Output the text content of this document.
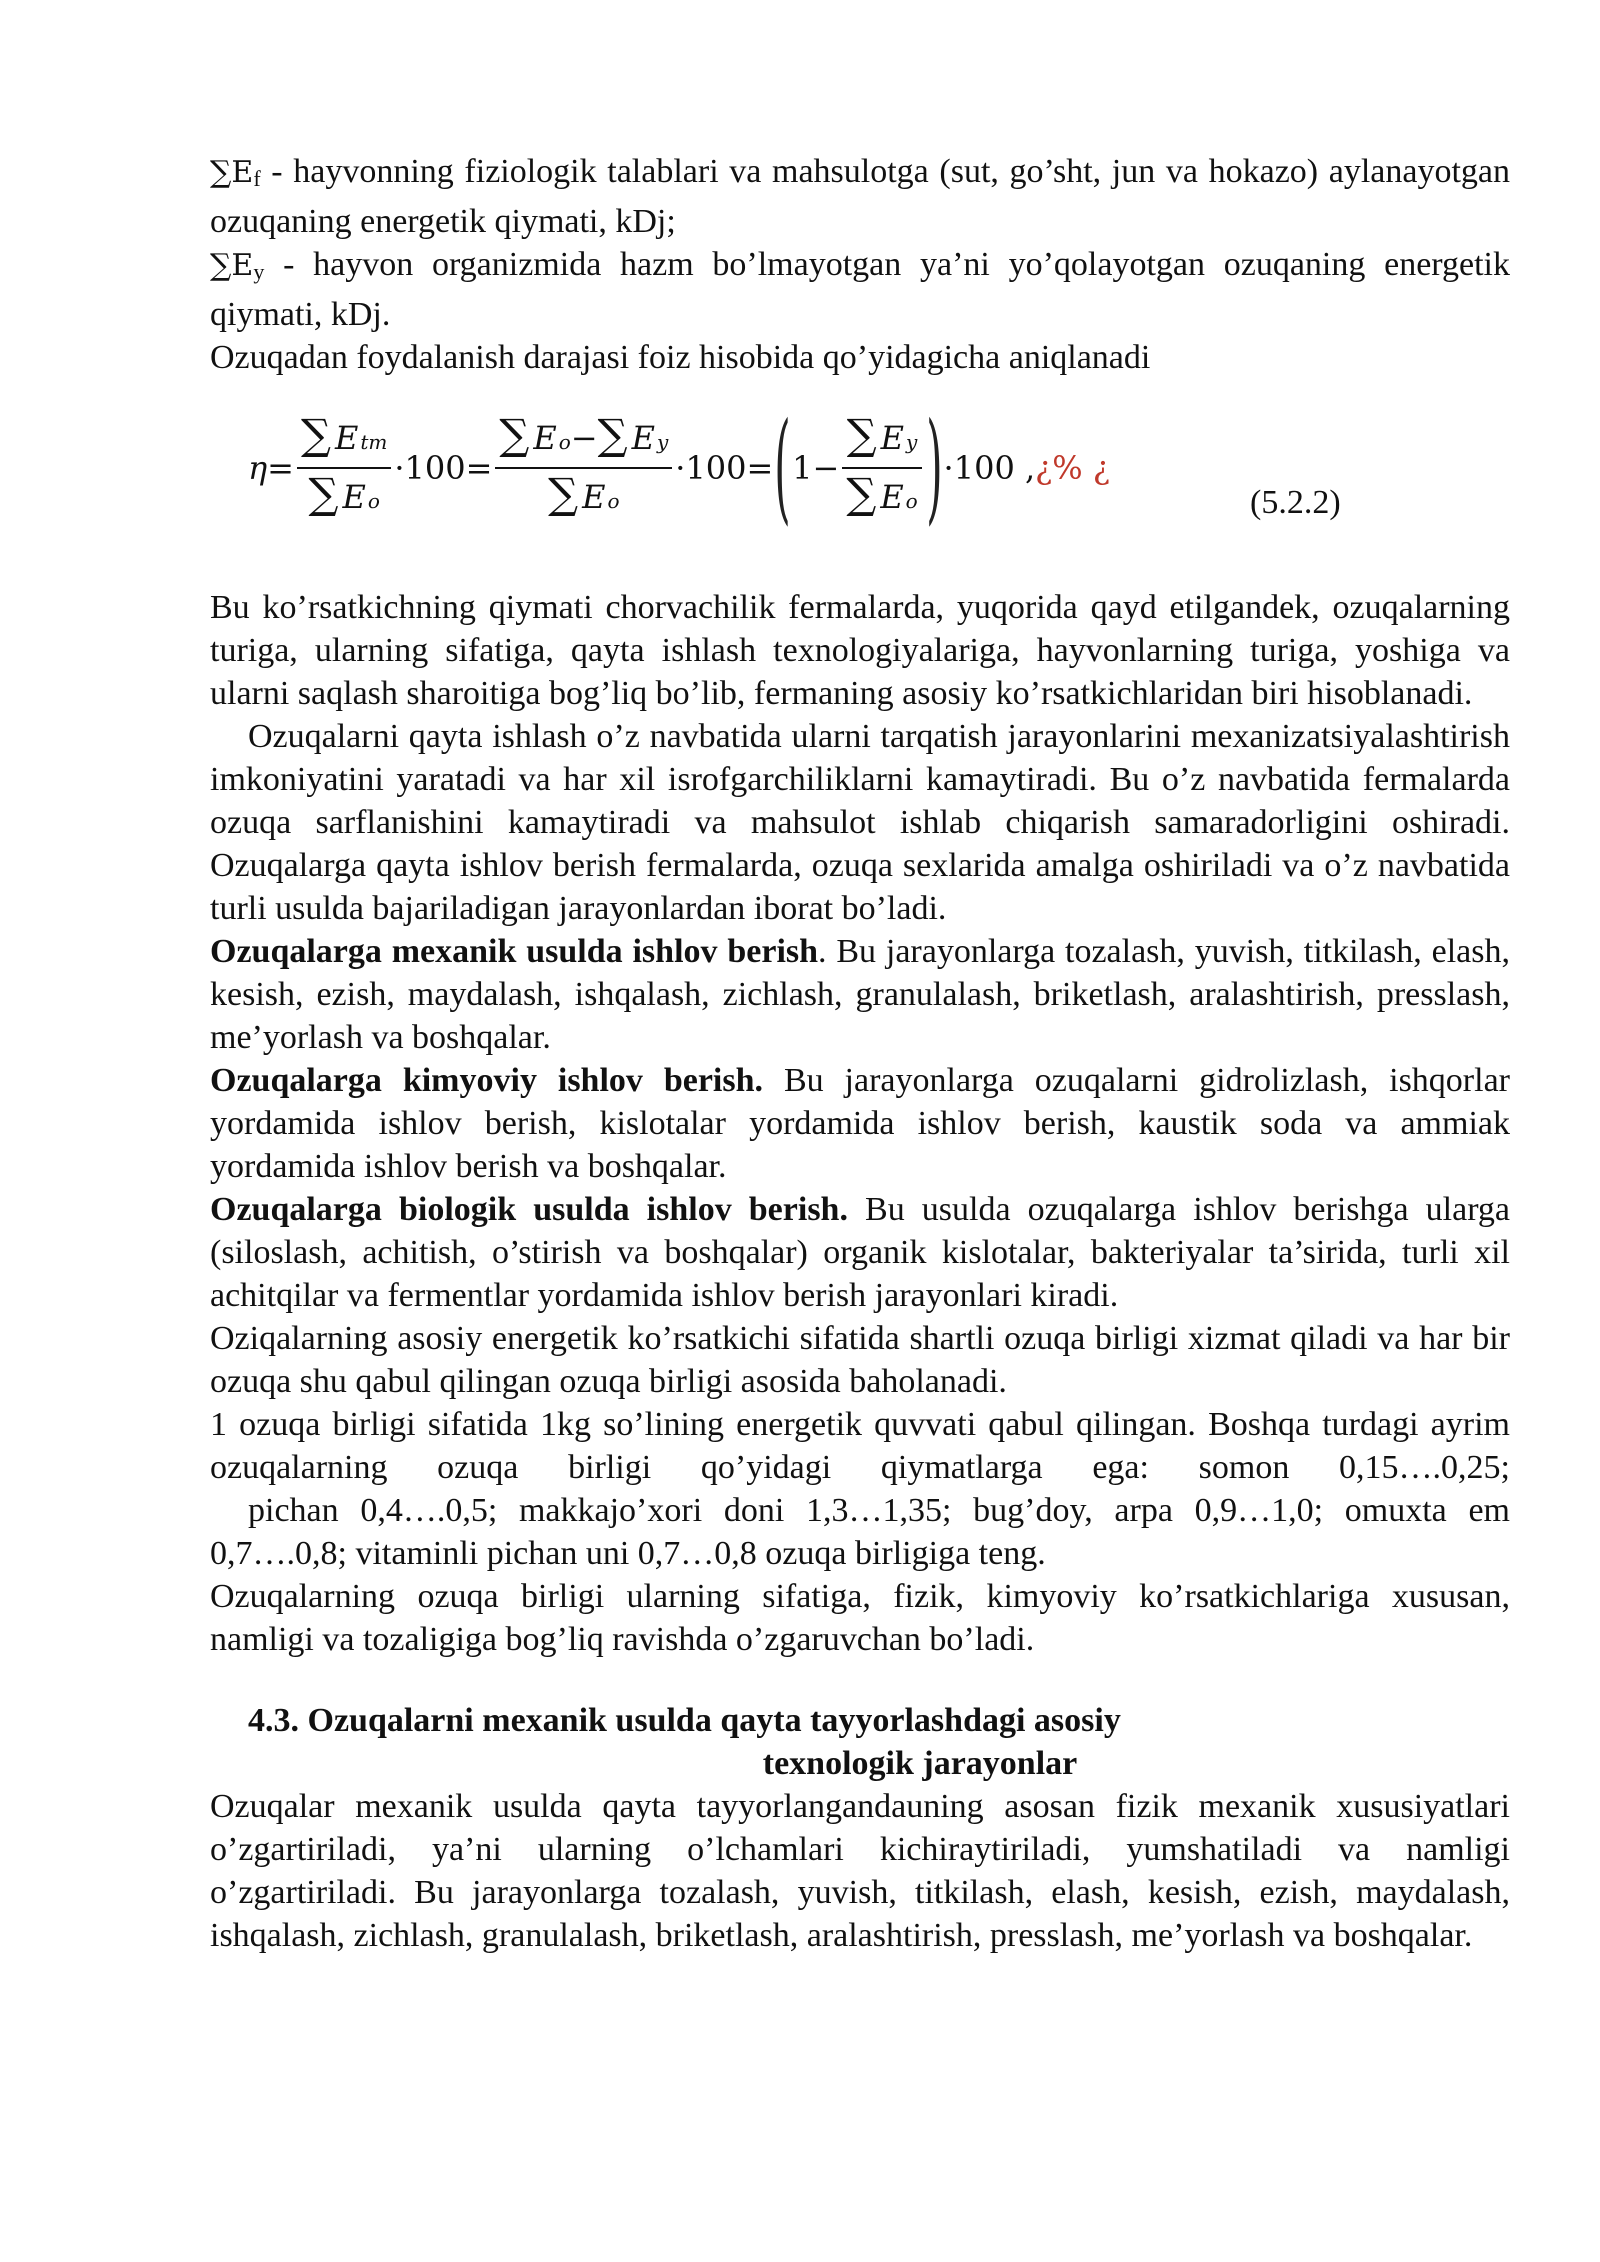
$\sum E_f$ - hayvonning fiziologik talablari va mahsulotga (sut, go’sht, jun va hokazo) aylanayotgan ozuqaning energetik qiymati, kDj;

$\sum E_y$ - hayvon organizmida hazm bo’lmayotgan ya’ni yo’qolayotgan ozuqaning energetik qiymati, kDj.

Ozuqadan foydalanish darajasi foiz hisobida qo’yidagicha aniqlanadi

$\eta = \frac{\text{∑ E tm}}{\text{∑ E o}} \cdot 100 = \frac{\text{∑ E o − ∑ E y}}{\text{∑ E o}} \cdot 100$ = ( $1 - \frac{\text{∑ E y}}{\text{∑ E o}}$ ) ·100 , ¿% ¿
(5.2.2)

Bu ko’rsatkichning qiymati chorvachilik fermalarda, yuqorida qayd etilgandek, ozuqalarning turiga, ularning sifatiga, qayta ishlash texnologiyalariga, hayvonlarning turiga, yoshiga va ularni saqlash sharoitiga bog’liq bo’lib, fermaning asosiy ko’rsatkichlaridan biri hisoblanadi.

Ozuqalarni qayta ishlash o’z navbatida ularni tarqatish jarayonlarini mexanizatsiyalashtirish imkoniyatini yaratadi va har xil isrofgarchiliklarni kamaytiradi. Bu o’z navbatida fermalarda ozuqa sarflanishini kamaytiradi va mahsulot ishlab chiqarish samaradorligini oshiradi. Ozuqalarga qayta ishlov berish fermalarda, ozuqa sexlarida amalga oshiriladi va o’z navbatida turli usulda bajariladigan jarayonlardan iborat bo’ladi.

Ozuqalarga mexanik usulda ishlov berish. Bu jarayonlarga tozalash, yuvish, titkilash, elash, kesish, ezish, maydalash, ishqalash, zichlash, granulalash, briketlash, aralashtirish, presslash, me’yorlash va boshqalar.

Ozuqalarga kimyoviy ishlov berish. Bu jarayonlarga ozuqalarni gidrolizlash, ishqorlar yordamida ishlov berish, kislotalar yordamida ishlov berish, kaustik soda va ammiak yordamida ishlov berish va boshqalar.

Ozuqalarga biologik usulda ishlov berish. Bu usulda ozuqalarga ishlov berishga ularga (siloslash, achitish, o’stirish va boshqalar) organik kislotalar, bakteriyalar ta’sirida, turli xil achitqilar va fermentlar yordamida ishlov berish jarayonlari kiradi.

Oziqalarning asosiy energetik ko’rsatkichi sifatida shartli ozuqa birligi xizmat qiladi va har bir ozuqa shu qabul qilingan ozuqa birligi asosida baholanadi.

1 ozuqa birligi sifatida 1kg so’lining energetik quvvati qabul qilingan. Boshqa turdagi ayrim ozuqalarning ozuqa birligi qo’yidagi qiymatlarga ega: somon 0,15….0,25;

pichan 0,4….0,5; makkajo’xori doni 1,3…1,35; bug’doy, arpa 0,9…1,0; omuxta em 0,7….0,8; vitaminli pichan uni 0,7…0,8 ozuqa birligiga teng.

Ozuqalarning ozuqa birligi ularning sifatiga, fizik, kimyoviy ko’rsatkichlariga xususan, namligi va tozaligiga bog’liq ravishda o’zgaruvchan bo’ladi.

4.3. Ozuqalarni mexanik usulda qayta tayyorlashdagi asosiy
texnologik jarayonlar

Ozuqalar mexanik usulda qayta tayyorlangandauning asosan fizik mexanik xususiyatlari o’zgartiriladi, ya’ni ularning o’lchamlari kichiraytiriladi, yumshatiladi va namligi o’zgartiriladi. Bu jarayonlarga tozalash, yuvish, titkilash, elash, kesish, ezish, maydalash, ishqalash, zichlash, granulalash, briketlash, aralashtirish, presslash, me’yorlash va boshqalar.
